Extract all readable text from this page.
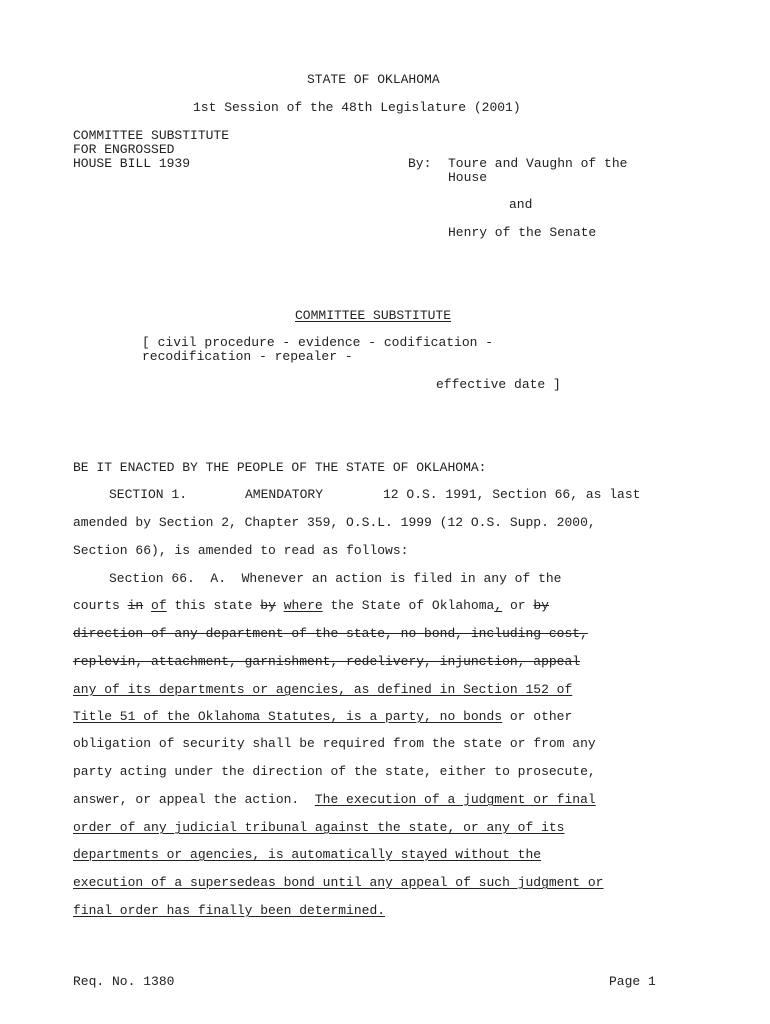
STATE OF OKLAHOMA
1st Session of the 48th Legislature (2001)
COMMITTEE SUBSTITUTE
FOR ENGROSSED
HOUSE BILL 1939	By: Toure and Vaughn of the
House
and
Henry of the Senate
COMMITTEE SUBSTITUTE
[ civil procedure - evidence - codification -
recodification - repealer -
effective date ]
BE IT ENACTED BY THE PEOPLE OF THE STATE OF OKLAHOMA:
SECTION 1.	AMENDATORY	12 O.S. 1991, Section 66, as last
amended by Section 2, Chapter 359, O.S.L. 1999 (12 O.S. Supp. 2000,
Section 66), is amended to read as follows:
Section 66.  A.  Whenever an action is filed in any of the
courts in of this state by where the State of Oklahoma, or by
direction of any department of the state, no bond, including cost,
replevin, attachment, garnishment, redelivery, injunction, appeal
any of its departments or agencies, as defined in Section 152 of
Title 51 of the Oklahoma Statutes, is a party, no bonds or other
obligation of security shall be required from the state or from any
party acting under the direction of the state, either to prosecute,
answer, or appeal the action.  The execution of a judgment or final
order of any judicial tribunal against the state, or any of its
departments or agencies, is automatically stayed without the
execution of a supersedeas bond until any appeal of such judgment or
final order has finally been determined.
Req. No. 1380	Page 1
